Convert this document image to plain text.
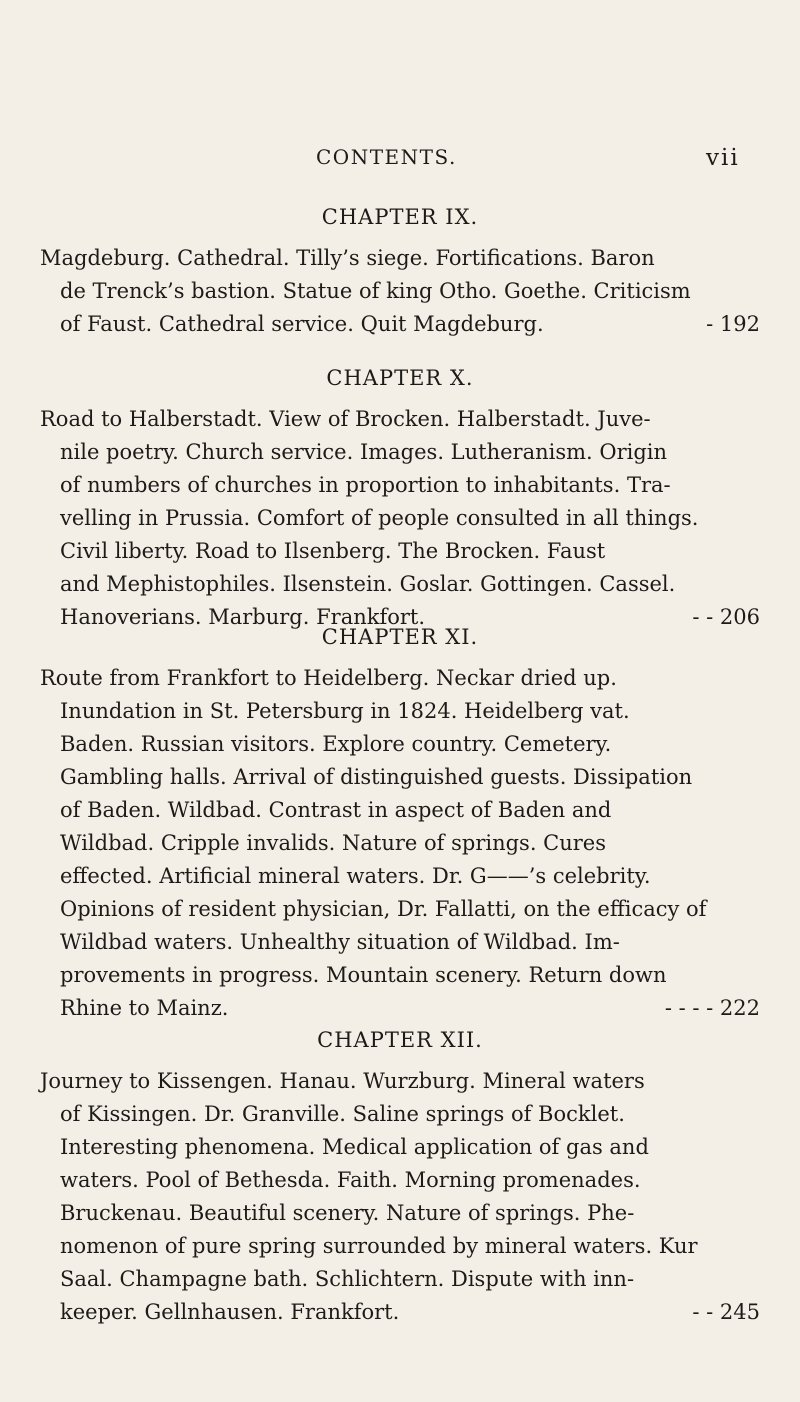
CONTENTS.	vii
CHAPTER IX.

Magdeburg. Cathedral. Tilly’s siege. Fortifications. Baron
de Trenck’s bastion. Statue of king Otho. Goethe. Criticism
of Faust. Cathedral service. Quit Magdeburg.	- 192

CHAPTER X.

Road to Halberstadt. View of Brocken. Halberstadt. Juve-
nile poetry. Church service. Images. Lutheranism. Origin
of numbers of churches in proportion to inhabitants. Tra-
velling in Prussia. Comfort of people consulted in all things.
Civil liberty. Road to Ilsenberg. The Brocken. Faust
and Mephistophiles. Ilsenstein. Goslar. Gottingen. Cassel.
Hanoverians. Marburg. Frankfort.	- - 206

CHAPTER XI.

Route from Frankfort to Heidelberg. Neckar dried up.
Inundation in St. Petersburg in 1824. Heidelberg vat.
Baden. Russian visitors. Explore country. Cemetery.
Gambling halls. Arrival of distinguished guests. Dissipation
of Baden. Wildbad. Contrast in aspect of Baden and
Wildbad. Cripple invalids. Nature of springs. Cures
effected. Artificial mineral waters. Dr. G——’s celebrity.
Opinions of resident physician, Dr. Fallatti, on the efficacy of
Wildbad waters. Unhealthy situation of Wildbad. Im-
provements in progress. Mountain scenery. Return down
Rhine to Mainz.	- - - - 222

CHAPTER XII.

Journey to Kissengen. Hanau. Wurzburg. Mineral waters
of Kissingen. Dr. Granville. Saline springs of Bocklet.
Interesting phenomena. Medical application of gas and
waters. Pool of Bethesda. Faith. Morning promenades.
Bruckenau. Beautiful scenery. Nature of springs. Phe-
nomenon of pure spring surrounded by mineral waters. Kur
Saal. Champagne bath. Schlichtern. Dispute with inn-
keeper. Gellnhausen. Frankfort.	- - 245
